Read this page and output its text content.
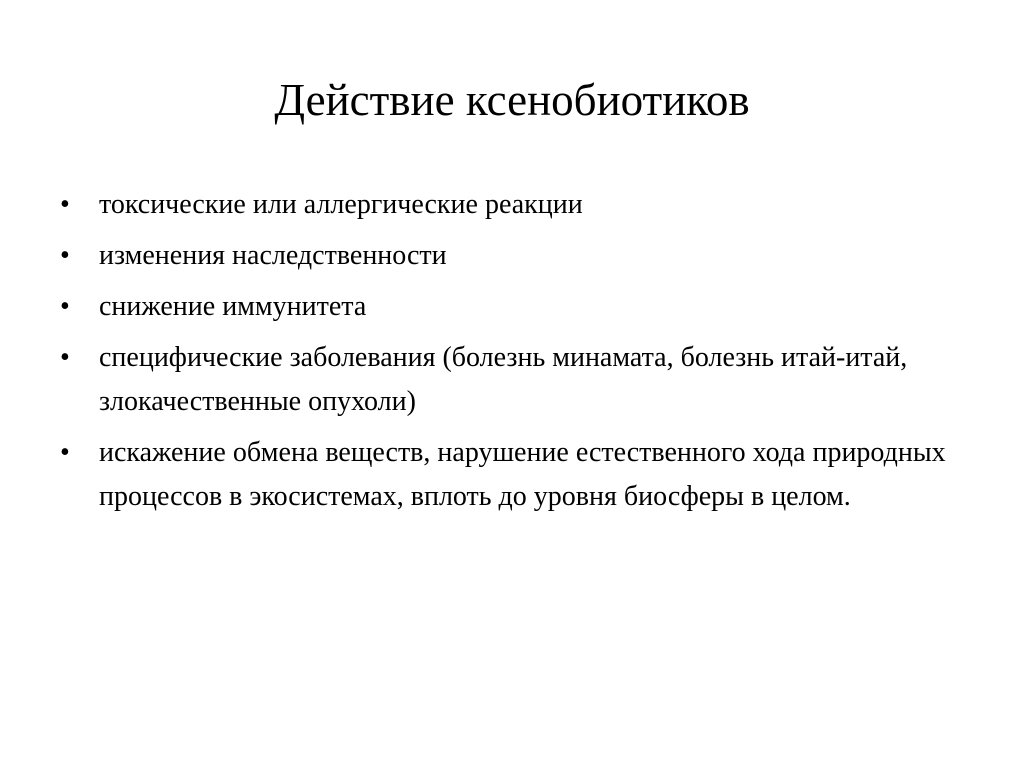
Действие ксенобиотиков
•	токсические или аллергические реакции
•	изменения наследственности
•	снижение иммунитета
•	специфические заболевания (болезнь минамата, болезнь итай-итай, злокачественные опухоли)
•	искажение обмена веществ, нарушение естественного хода природных процессов в экосистемах, вплоть до уровня биосферы в целом.
